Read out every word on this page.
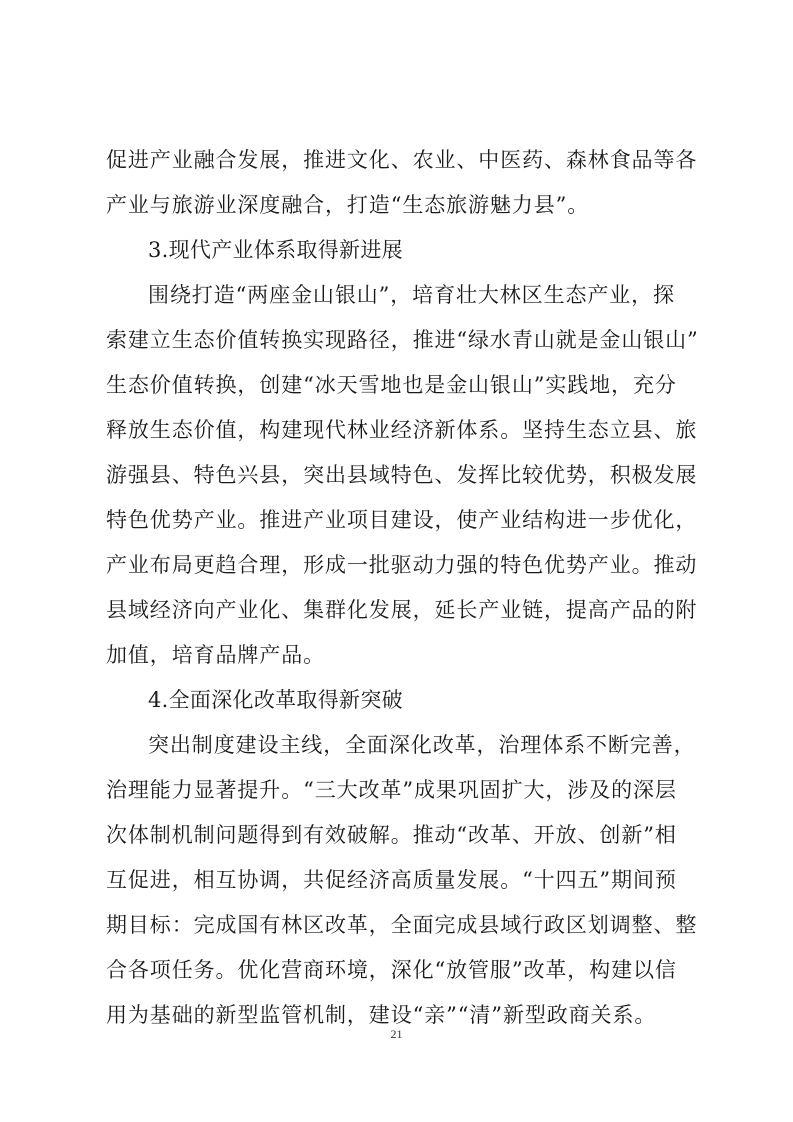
促进产业融合发展，推进文化、农业、中医药、森林食品等各
产业与旅游业深度融合，打造“生态旅游魅力县”。
3.现代产业体系取得新进展
围绕打造“两座金山银山”，培育壮大林区生态产业，探
索建立生态价值转换实现路径，推进“绿水青山就是金山银山”
生态价值转换，创建“冰天雪地也是金山银山”实践地，充分
释放生态价值，构建现代林业经济新体系。坚持生态立县、旅
游强县、特色兴县，突出县域特色、发挥比较优势，积极发展
特色优势产业。推进产业项目建设，使产业结构进一步优化，
产业布局更趋合理，形成一批驱动力强的特色优势产业。推动
县域经济向产业化、集群化发展，延长产业链，提高产品的附
加值，培育品牌产品。
4.全面深化改革取得新突破
突出制度建设主线，全面深化改革，治理体系不断完善，
治理能力显著提升。“三大改革”成果巩固扩大，涉及的深层
次体制机制问题得到有效破解。推动“改革、开放、创新”相
互促进，相互协调，共促经济高质量发展。“十四五”期间预
期目标：完成国有林区改革，全面完成县域行政区划调整、整
合各项任务。优化营商环境，深化“放管服”改革，构建以信
用为基础的新型监管机制，建设“亲”“清”新型政商关系。
21
